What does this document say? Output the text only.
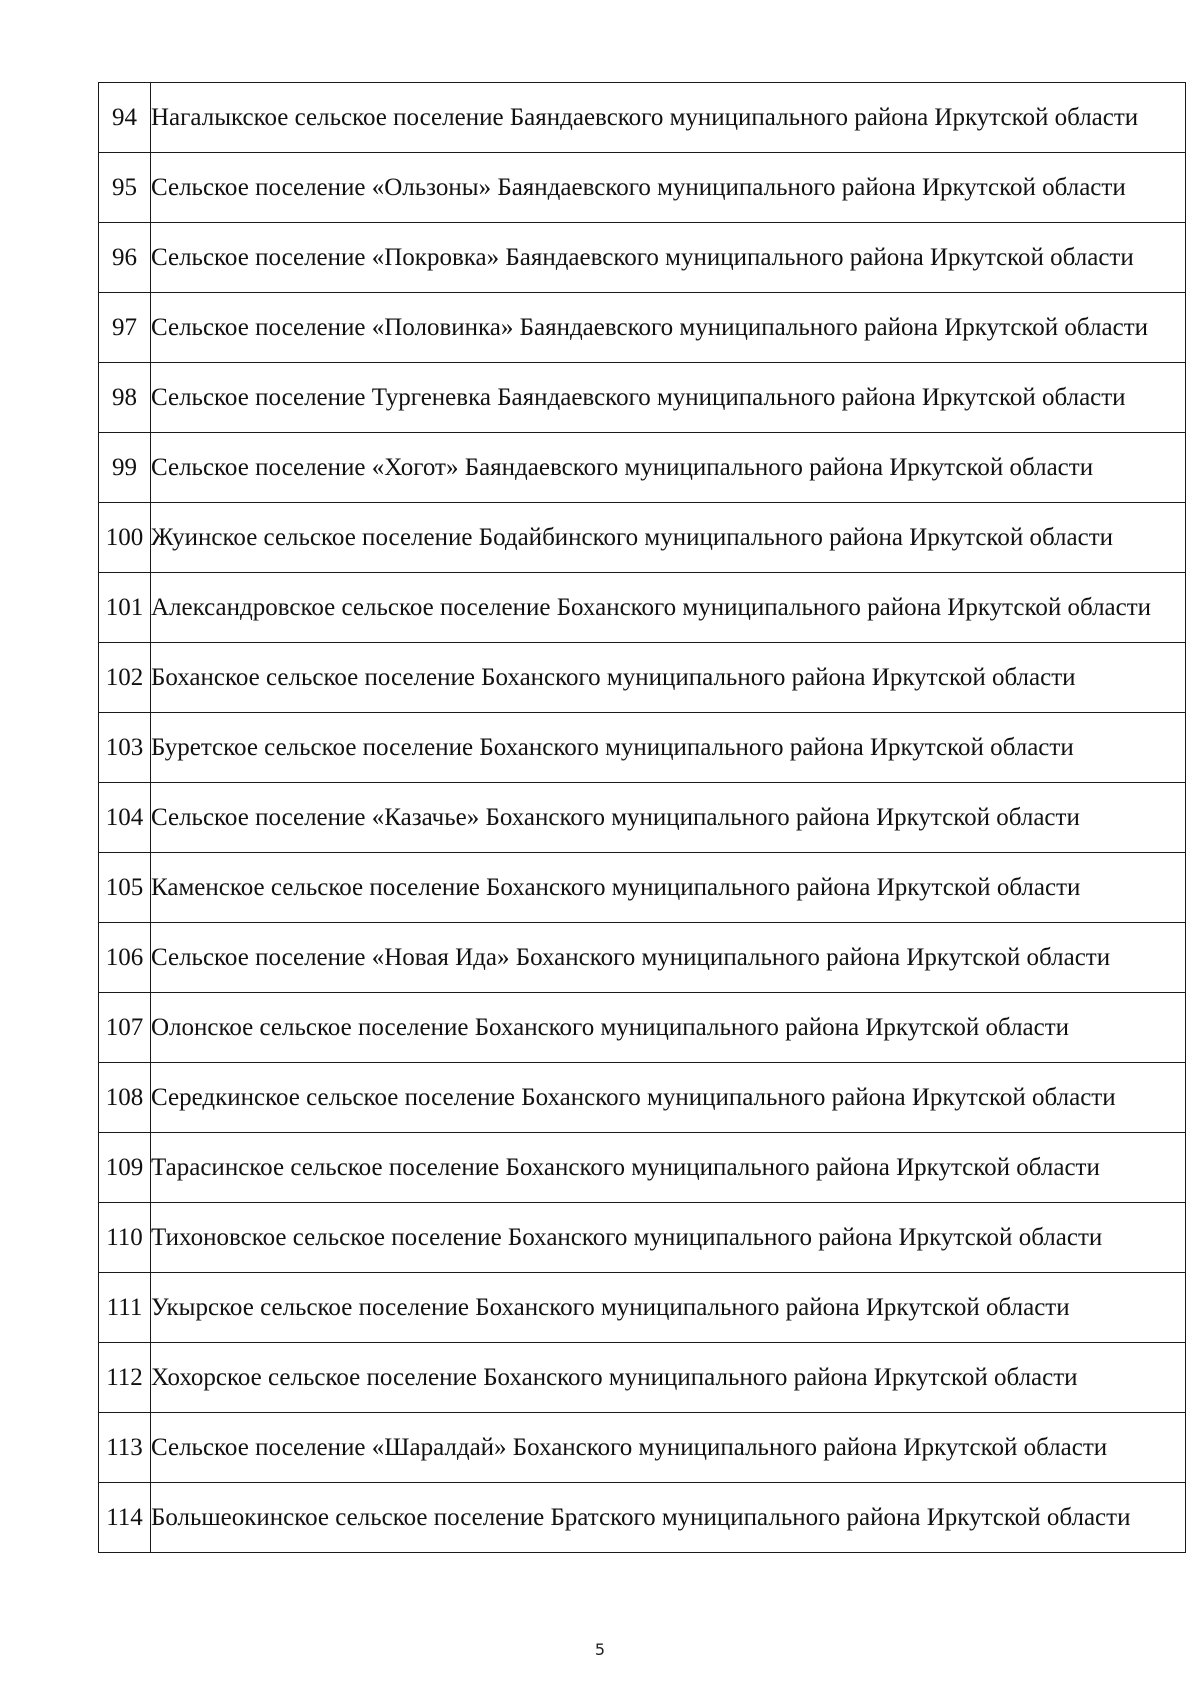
94	Нагалыкское сельское поселение Баяндаевского муниципального района Иркутской области
95	Сельское поселение «Ользоны» Баяндаевского муниципального района Иркутской области
96	Сельское поселение «Покровка» Баяндаевского муниципального района Иркутской области
97	Сельское поселение «Половинка» Баяндаевского муниципального района Иркутской области
98	Сельское поселение Тургеневка Баяндаевского муниципального района Иркутской области
99	Сельское поселение «Хогот» Баяндаевского муниципального района Иркутской области
100	Жуинское сельское поселение Бодайбинского муниципального района Иркутской области
101	Александровское сельское поселение Боханского муниципального района Иркутской области
102	Боханское сельское поселение Боханского муниципального района Иркутской области
103	Буретское сельское поселение Боханского муниципального района Иркутской области
104	Сельское поселение «Казачье» Боханского муниципального района Иркутской области
105	Каменское сельское поселение Боханского муниципального района Иркутской области
106	Сельское поселение «Новая Ида» Боханского муниципального района Иркутской области
107	Олонское сельское поселение Боханского муниципального района Иркутской области
108	Середкинское сельское поселение Боханского муниципального района Иркутской области
109	Тарасинское сельское поселение Боханского муниципального района Иркутской области
110	Тихоновское сельское поселение Боханского муниципального района Иркутской области
111	Укырское сельское поселение Боханского муниципального района Иркутской области
112	Хохорское сельское поселение Боханского муниципального района Иркутской области
113	Сельское поселение «Шаралдай» Боханского муниципального района Иркутской области
114	Большеокинское сельское поселение Братского муниципального района Иркутской области
5
